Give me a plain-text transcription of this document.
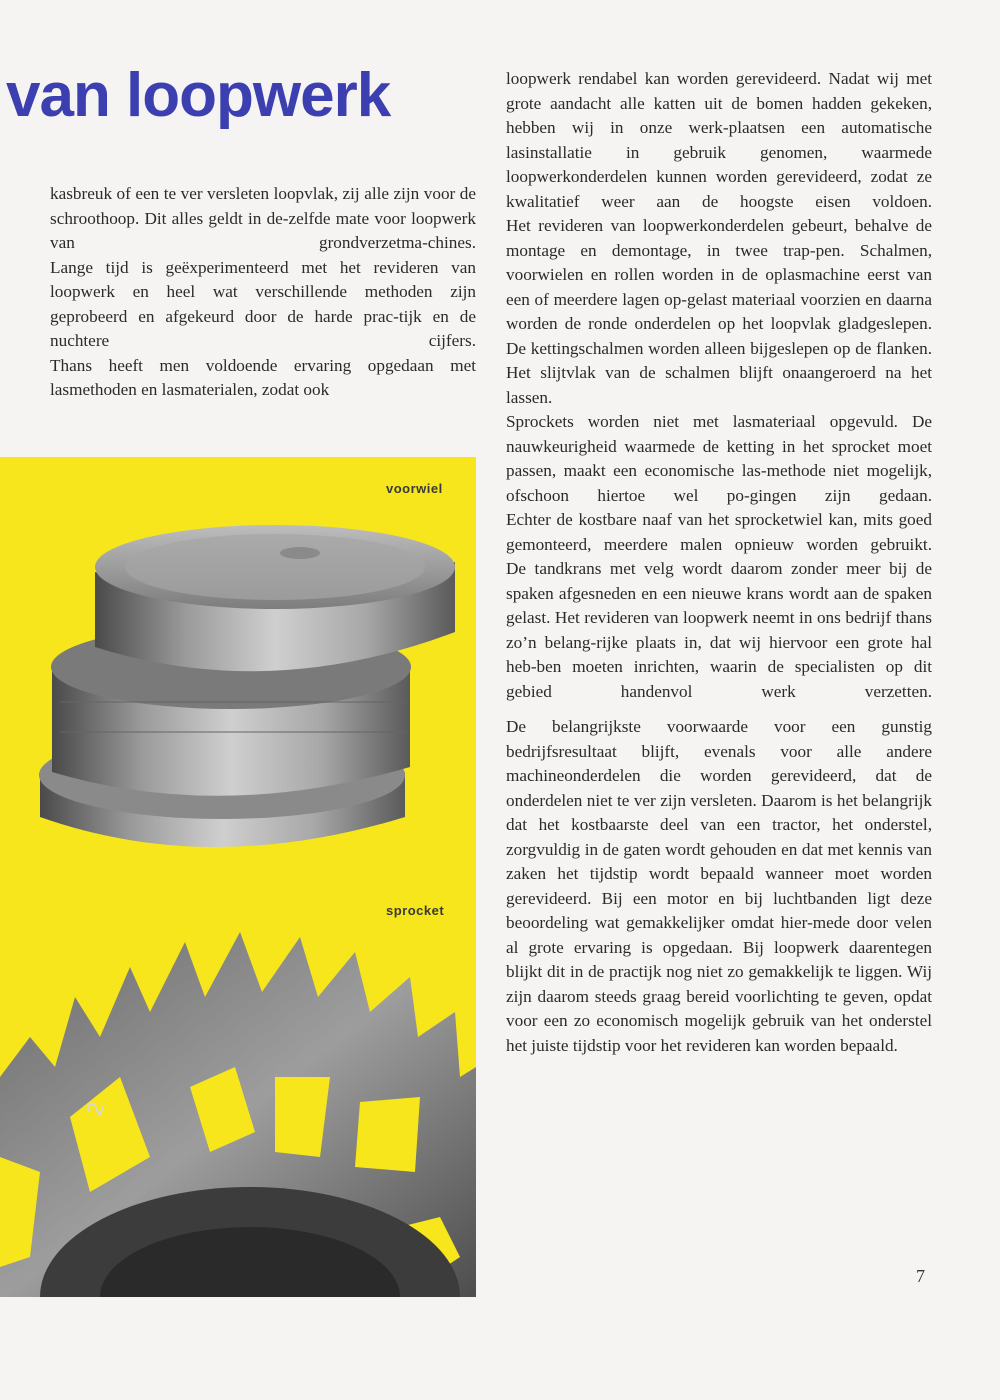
van loopwerk

kasbreuk of een te ver versleten loopvlak, zij alle zijn voor de schroothoop. Dit alles geldt in de-zelfde mate voor loopwerk van grondverzetma-chines.

Lange tijd is geëxperimenteerd met het revideren van loopwerk en heel wat verschillende methoden zijn geprobeerd en afgekeurd door de harde prac-tijk en de nuchtere cijfers.

Thans heeft men voldoende ervaring opgedaan met lasmethoden en lasmaterialen, zodat ook

voorwiel
sprocket
2

loopwerk rendabel kan worden gerevideerd. Nadat wij met grote aandacht alle katten uit de bomen hadden gekeken, hebben wij in onze werk-plaatsen een automatische lasinstallatie in gebruik genomen, waarmede loopwerkonderdelen kunnen worden gerevideerd, zodat ze kwalitatief weer aan de hoogste eisen voldoen.

Het revideren van loopwerkonderdelen gebeurt, behalve de montage en demontage, in twee trap-pen. Schalmen, voorwielen en rollen worden in de oplasmachine eerst van een of meerdere lagen op-gelast materiaal voorzien en daarna worden de ronde onderdelen op het loopvlak gladgeslepen. De kettingschalmen worden alleen bijgeslepen op de flanken. Het slijtvlak van de schalmen blijft onaangeroerd na het lassen.

Sprockets worden niet met lasmateriaal opgevuld. De nauwkeurigheid waarmede de ketting in het sprocket moet passen, maakt een economische las-methode niet mogelijk, ofschoon hiertoe wel po-gingen zijn gedaan.

Echter de kostbare naaf van het sprocketwiel kan, mits goed gemonteerd, meerdere malen opnieuw worden gebruikt.

De tandkrans met velg wordt daarom zonder meer bij de spaken afgesneden en een nieuwe krans wordt aan de spaken gelast. Het revideren van loopwerk neemt in ons bedrijf thans zo’n belang-rijke plaats in, dat wij hiervoor een grote hal heb-ben moeten inrichten, waarin de specialisten op dit gebied handenvol werk verzetten.

De belangrijkste voorwaarde voor een gunstig bedrijfsresultaat blijft, evenals voor alle andere machineonderdelen die worden gerevideerd, dat de onderdelen niet te ver zijn versleten. Daarom is het belangrijk dat het kostbaarste deel van een tractor, het onderstel, zorgvuldig in de gaten wordt gehouden en dat met kennis van zaken het tijdstip wordt bepaald wanneer moet worden gerevideerd. Bij een motor en bij luchtbanden ligt deze beoordeling wat gemakkelijker omdat hier-mede door velen al grote ervaring is opgedaan. Bij loopwerk daarentegen blijkt dit in de practijk nog niet zo gemakkelijk te liggen. Wij zijn daarom steeds graag bereid voorlichting te geven, opdat voor een zo economisch mogelijk gebruik van het onderstel het juiste tijdstip voor het revideren kan worden bepaald.

7
